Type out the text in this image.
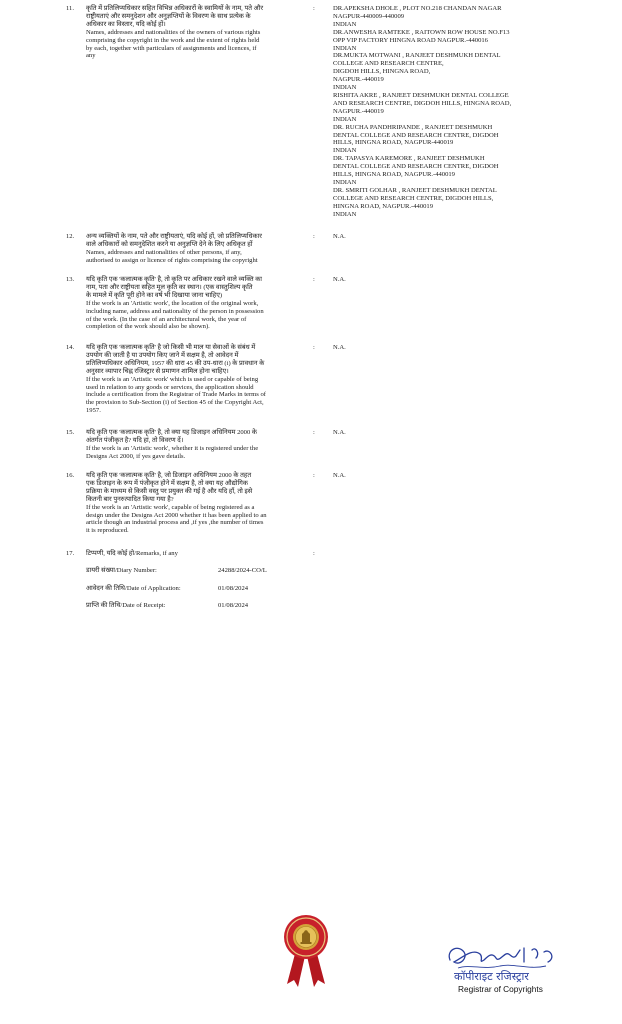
11.	कृति में प्रतिलिप्यधिकार सहित विभिन्न अधिकारों के स्वामियों के नाम, पते और
राष्ट्रीयताएं और समनुदेशन और अनुज्ञप्तियों के विवरण के साथ प्रत्येक के
अधिकार का विस्तार, यदि कोई हों।
Names, addresses and nationalities of the owners of various rights
comprising the copyright in the work and the extent of rights held
by each, together with particulars of assignments and licences, if
any
:	DR.APEKSHA DHOLE , PLOT NO.218 CHANDAN NAGAR
NAGPUR-440009-440009
INDIAN
DR.ANWESHA RAMTEKE , RAITOWN ROW HOUSE NO.F13
OPP VIP FACTORY HINGNA ROAD NAGPUR.-440016
INDIAN
DR.MUKTA MOTWANI , RANJEET DESHMUKH DENTAL
COLLEGE AND RESEARCH CENTRE,
DIGDOH HILLS, HINGNA ROAD,
NAGPUR.-440019
INDIAN
RISHITA AKRE , RANJEET DESHMUKH DENTAL COLLEGE
AND RESEARCH CENTRE, DIGDOH HILLS, HINGNA ROAD,
NAGPUR.-440019
INDIAN
DR. RUCHA PANDHRIPANDE , RANJEET DESHMUKH
DENTAL COLLEGE AND RESEARCH CENTRE, DIGDOH
HILLS, HINGNA ROAD, NAGPUR-440019
INDIAN
DR. TAPASYA KAREMORE , RANJEET DESHMUKH
DENTAL COLLEGE AND RESEARCH CENTRE, DIGDOH
HILLS, HINGNA ROAD, NAGPUR.-440019
INDIAN
DR. SMRITI GOLHAR , RANJEET DESHMUKH DENTAL
COLLEGE AND RESEARCH CENTRE, DIGDOH HILLS,
HINGNA ROAD, NAGPUR.-440019
INDIAN
12.	अन्य व्यक्तियों के नाम, पते और राष्ट्रीयताएं, यदि कोई हों, जो प्रतिलिप्यधिकार
वाले अधिकारों को समनुदेशित करने या अनुज्ञप्ति देने के लिए अधिकृत हों
Names, addresses and nationalities of other persons, if any,
authorised to assign or licence of rights comprising the copyright
:	N.A.
13.	यदि कृति एक 'कलात्मक कृति' है, तो कृति पर अधिकार रखने वाले व्यक्ति का
नाम, पता और राष्ट्रीयता सहित मूल कृति का स्थान। (एक वास्तुशिल्प कृति
के मामले में कृति पूरी होने का वर्ष भी दिखाया जाना चाहिए)
If the work is an 'Artistic work', the location of the original work,
including name, address and nationality of the person in possession
of the work. (In the case of an architectural work, the year of
completion of the work should also be shown).
:	N.A.
14.	यदि कृति एक 'कलात्मक कृति' है जो किसी भी माल या सेवाओं के संबंध में
उपयोग की जाती है या उपयोग किए जाने में सक्षम है, तो आवेदन में
प्रतिलिप्यधिकार अधिनियम, 1957 की धारा 45 की उप-धारा (i) के प्रावधान के
अनुसार व्यापार चिह्न रजिस्ट्रार से प्रमाणन शामिल होना चाहिए।
If the work is an 'Artistic work' which is used or capable of being
used in relation to any goods or services, the application should
include a certification from the Registrar of Trade Marks in terms of
the provision to Sub-Section (i) of Section 45 of the Copyright Act,
1957.
:	N.A.
15.	यदि कृति एक 'कलात्मक कृति' है, तो क्या यह डिजाइन अधिनियम 2000 के
अंतर्गत पंजीकृत है? यदि हां, तो विवरण दें।
If the work is an 'Artistic work', whether it is registered under the
Designs Act 2000, if yes gave details.
:	N.A.
16.	यदि कृति एक 'कलात्मक कृति' है, जो डिजाइन अधिनियम 2000 के तहत
एक डिजाइन के रूप में पंजीकृत होने में सक्षम है, तो क्या यह औद्योगिक
प्रक्रिया के माध्यम से किसी वस्तु पर प्रयुक्त की गई है और यदि हाँ, तो इसे
कितनी बार पुनरुत्पादित किया गया है?
If the work is an 'Artistic work', capable of being registered as a
design under the Designs Act 2000 whether it has been applied to an
article though an industrial process and ,if yes ,the number of times
it is reproduced.
:	N.A.
17.	टिप्पणी, यदि कोई हो/Remarks, if any	:
डायरी संख्या/Diary Number:	24288/2024-CO/L
आवेदन की तिथि/Date of Application:	01/08/2024
प्राप्ति की तिथि/Date of Receipt:	01/08/2024
कॉपीराइट रजिस्ट्रार
Registrar of Copyrights
